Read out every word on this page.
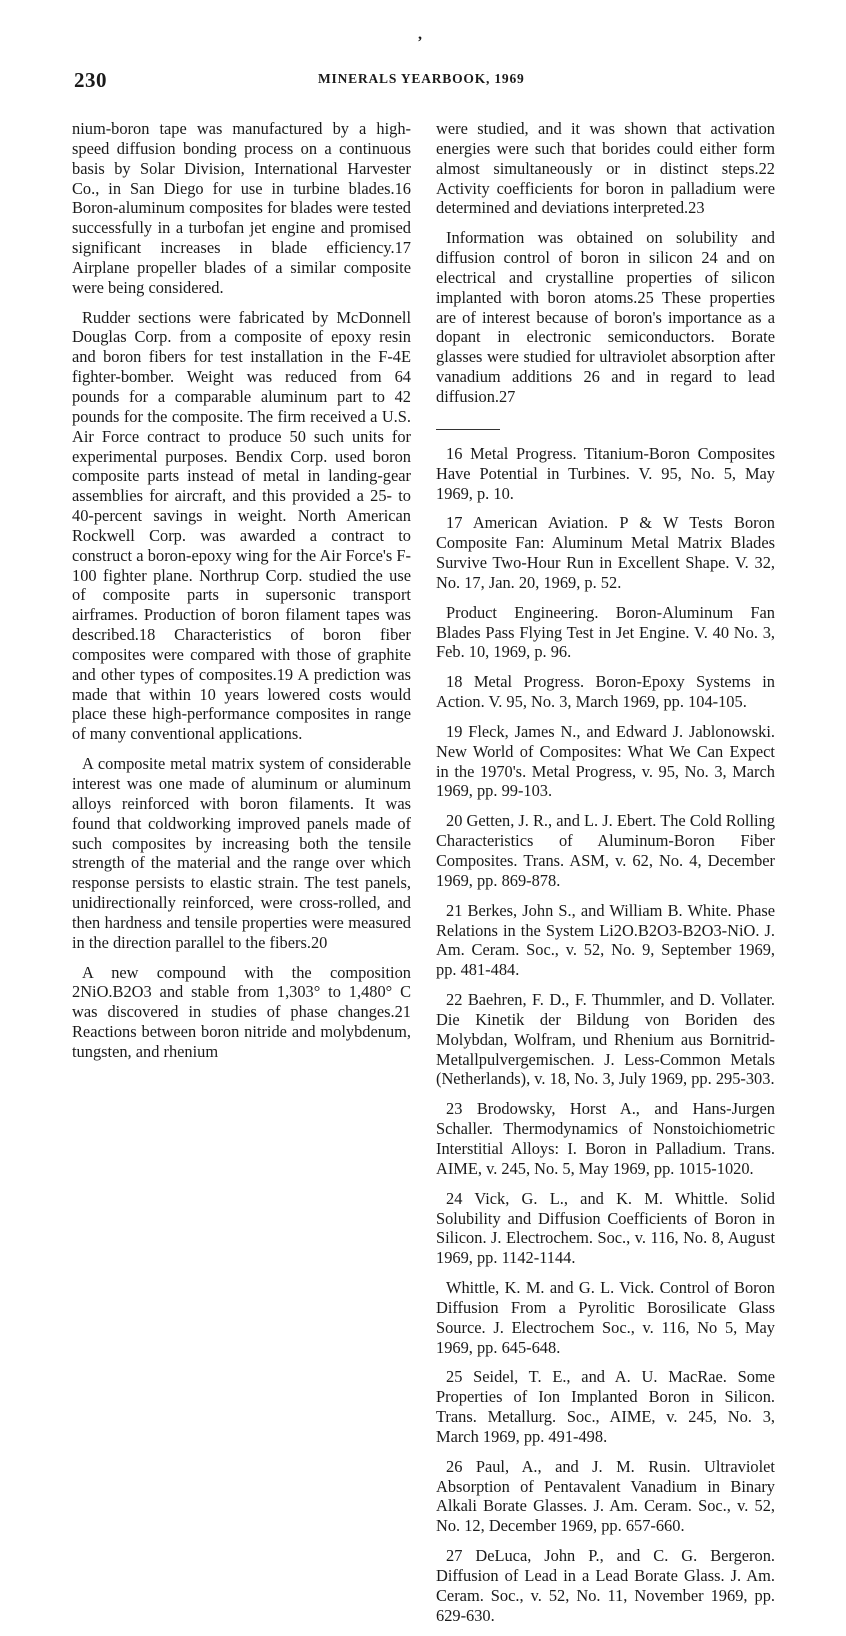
,
230	MINERALS YEARBOOK, 1969

nium-boron tape was manufactured by a high-speed diffusion bonding process on a continuous basis by Solar Division, International Harvester Co., in San Diego for use in turbine blades.16 Boron-aluminum composites for blades were tested successfully in a turbofan jet engine and promised significant increases in blade efficiency.17 Airplane propeller blades of a similar composite were being considered.

Rudder sections were fabricated by McDonnell Douglas Corp. from a composite of epoxy resin and boron fibers for test installation in the F-4E fighter-bomber. Weight was reduced from 64 pounds for a comparable aluminum part to 42 pounds for the composite. The firm received a U.S. Air Force contract to produce 50 such units for experimental purposes. Bendix Corp. used boron composite parts instead of metal in landing-gear assemblies for aircraft, and this provided a 25- to 40-percent savings in weight. North American Rockwell Corp. was awarded a contract to construct a boron-epoxy wing for the Air Force's F-100 fighter plane. Northrup Corp. studied the use of composite parts in supersonic transport airframes. Production of boron filament tapes was described.18 Characteristics of boron fiber composites were compared with those of graphite and other types of composites.19 A prediction was made that within 10 years lowered costs would place these high-performance composites in range of many conventional applications.

A composite metal matrix system of considerable interest was one made of aluminum or aluminum alloys reinforced with boron filaments. It was found that coldworking improved panels made of such composites by increasing both the tensile strength of the material and the range over which response persists to elastic strain. The test panels, unidirectionally reinforced, were cross-rolled, and then hardness and tensile properties were measured in the direction parallel to the fibers.20

A new compound with the composition 2NiO.B2O3 and stable from 1,303° to 1,480° C was discovered in studies of phase changes.21 Reactions between boron nitride and molybdenum, tungsten, and rhenium

were studied, and it was shown that activation energies were such that borides could either form almost simultaneously or in distinct steps.22 Activity coefficients for boron in palladium were determined and deviations interpreted.23

Information was obtained on solubility and diffusion control of boron in silicon 24 and on electrical and crystalline properties of silicon implanted with boron atoms.25 These properties are of interest because of boron's importance as a dopant in electronic semiconductors. Borate glasses were studied for ultraviolet absorption after vanadium additions 26 and in regard to lead diffusion.27

16 Metal Progress. Titanium-Boron Composites Have Potential in Turbines. V. 95, No. 5, May 1969, p. 10.

17 American Aviation. P & W Tests Boron Composite Fan: Aluminum Metal Matrix Blades Survive Two-Hour Run in Excellent Shape. V. 32, No. 17, Jan. 20, 1969, p. 52.

Product Engineering. Boron-Aluminum Fan Blades Pass Flying Test in Jet Engine. V. 40 No. 3, Feb. 10, 1969, p. 96.

18 Metal Progress. Boron-Epoxy Systems in Action. V. 95, No. 3, March 1969, pp. 104-105.

19 Fleck, James N., and Edward J. Jablonowski. New World of Composites: What We Can Expect in the 1970's. Metal Progress, v. 95, No. 3, March 1969, pp. 99-103.

20 Getten, J. R., and L. J. Ebert. The Cold Rolling Characteristics of Aluminum-Boron Fiber Composites. Trans. ASM, v. 62, No. 4, December 1969, pp. 869-878.

21 Berkes, John S., and William B. White. Phase Relations in the System Li2O.B2O3-B2O3-NiO. J. Am. Ceram. Soc., v. 52, No. 9, September 1969, pp. 481-484.

22 Baehren, F. D., F. Thummler, and D. Vollater. Die Kinetik der Bildung von Boriden des Molybdan, Wolfram, und Rhenium aus Bornitrid-Metallpulvergemischen. J. Less-Common Metals (Netherlands), v. 18, No. 3, July 1969, pp. 295-303.

23 Brodowsky, Horst A., and Hans-Jurgen Schaller. Thermodynamics of Nonstoichiometric Interstitial Alloys: I. Boron in Palladium. Trans. AIME, v. 245, No. 5, May 1969, pp. 1015-1020.

24 Vick, G. L., and K. M. Whittle. Solid Solubility and Diffusion Coefficients of Boron in Silicon. J. Electrochem. Soc., v. 116, No. 8, August 1969, pp. 1142-1144.

Whittle, K. M. and G. L. Vick. Control of Boron Diffusion From a Pyrolitic Borosilicate Glass Source. J. Electrochem Soc., v. 116, No 5, May 1969, pp. 645-648.

25 Seidel, T. E., and A. U. MacRae. Some Properties of Ion Implanted Boron in Silicon. Trans. Metallurg. Soc., AIME, v. 245, No. 3, March 1969, pp. 491-498.

26 Paul, A., and J. M. Rusin. Ultraviolet Absorption of Pentavalent Vanadium in Binary Alkali Borate Glasses. J. Am. Ceram. Soc., v. 52, No. 12, December 1969, pp. 657-660.

27 DeLuca, John P., and C. G. Bergeron. Diffusion of Lead in a Lead Borate Glass. J. Am. Ceram. Soc., v. 52, No. 11, November 1969, pp. 629-630.
